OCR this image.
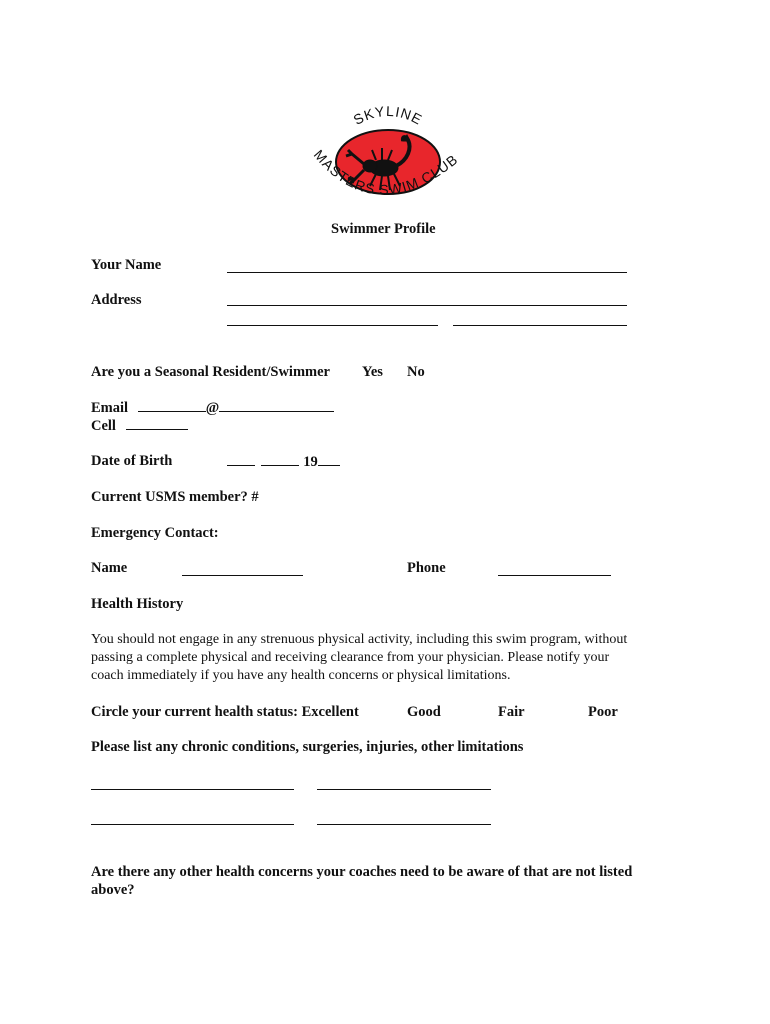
SKYLINE
MASTERS SWIM CLUB
Swimmer Profile
Your Name
Address
Are you a Seasonal Resident/Swimmer Yes No
Email	@
Cell
Date of Birth	19
Current USMS member? #
Emergency Contact:
Name	Phone
Health History
You should not engage in any strenuous physical activity, including this swim program, without
passing a complete physical and receiving clearance from your physician. Please notify your
coach immediately if you have any health concerns or physical limitations.
Circle your current health status: Excellent	Good	Fair	Poor
Please list any chronic conditions, surgeries, injuries, other limitations
Are there any other health concerns your coaches need to be aware of that are not listed
above?
